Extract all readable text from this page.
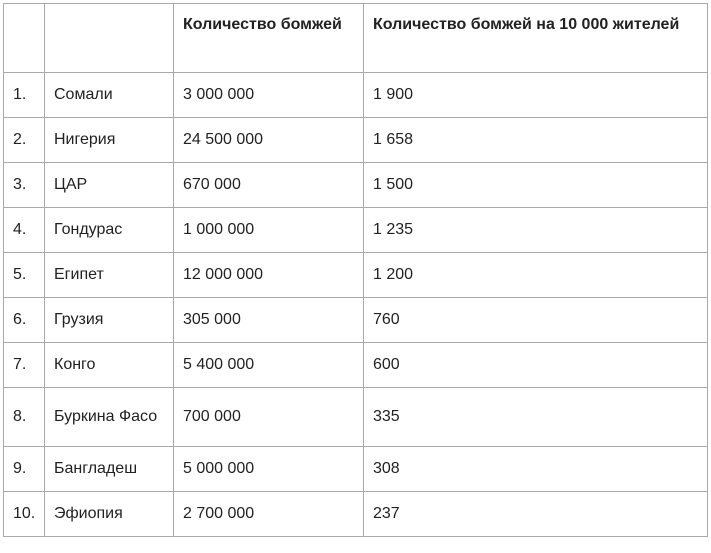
		Количество бомжей	Количество бомжей на 10 000 жителей
1.	Сомали	3 000 000	1 900
2.	Нигерия	24 500 000	1 658
3.	ЦАР	670 000	1 500
4.	Гондурас	1 000 000	1 235
5.	Египет	12 000 000	1 200
6.	Грузия	305 000	760
7.	Конго	5 400 000	600
8.	Буркина Фасо	700 000	335
9.	Бангладеш	5 000 000	308
10.	Эфиопия	2 700 000	237
